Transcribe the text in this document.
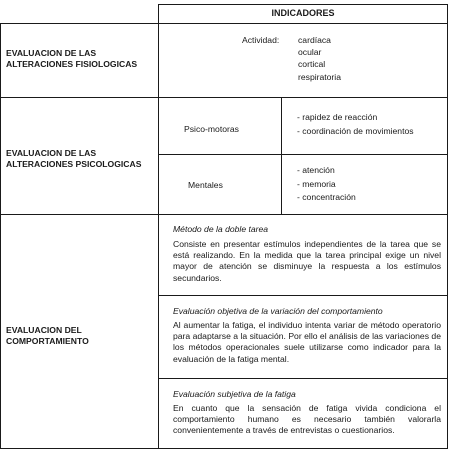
INDICADORES
EVALUACION DE LAS
ALTERACIONES FISIOLOGICAS
Actividad: cardíaca
ocular
cortical
respiratoria
EVALUACION DE LAS
ALTERACIONES PSICOLOGICAS
Psico-motoras
- rapidez de reacción
- coordinación de movimientos
Mentales
- atención
- memoria
- concentración
EVALUACION DEL
COMPORTAMIENTO
Método de la doble tarea
Consiste en presentar estímulos independientes de la tarea que se está realizando. En la medida que la tarea principal exige un nivel mayor de atención se disminuye la respuesta a los estímulos secundarios.
Evaluación objetiva de la variación del comportamiento
Al aumentar la fatiga, el individuo intenta variar de método operatorio para adaptarse a la situación. Por ello el análisis de las variaciones de los métodos operacionales suele utilizarse como indicador para la evaluación de la fatiga mental.
Evaluación subjetiva de la fatiga
En cuanto que la sensación de fatiga vivida condiciona el comportamiento humano es necesario también valorarla convenientemente a través de entrevistas o cuestionarios.
